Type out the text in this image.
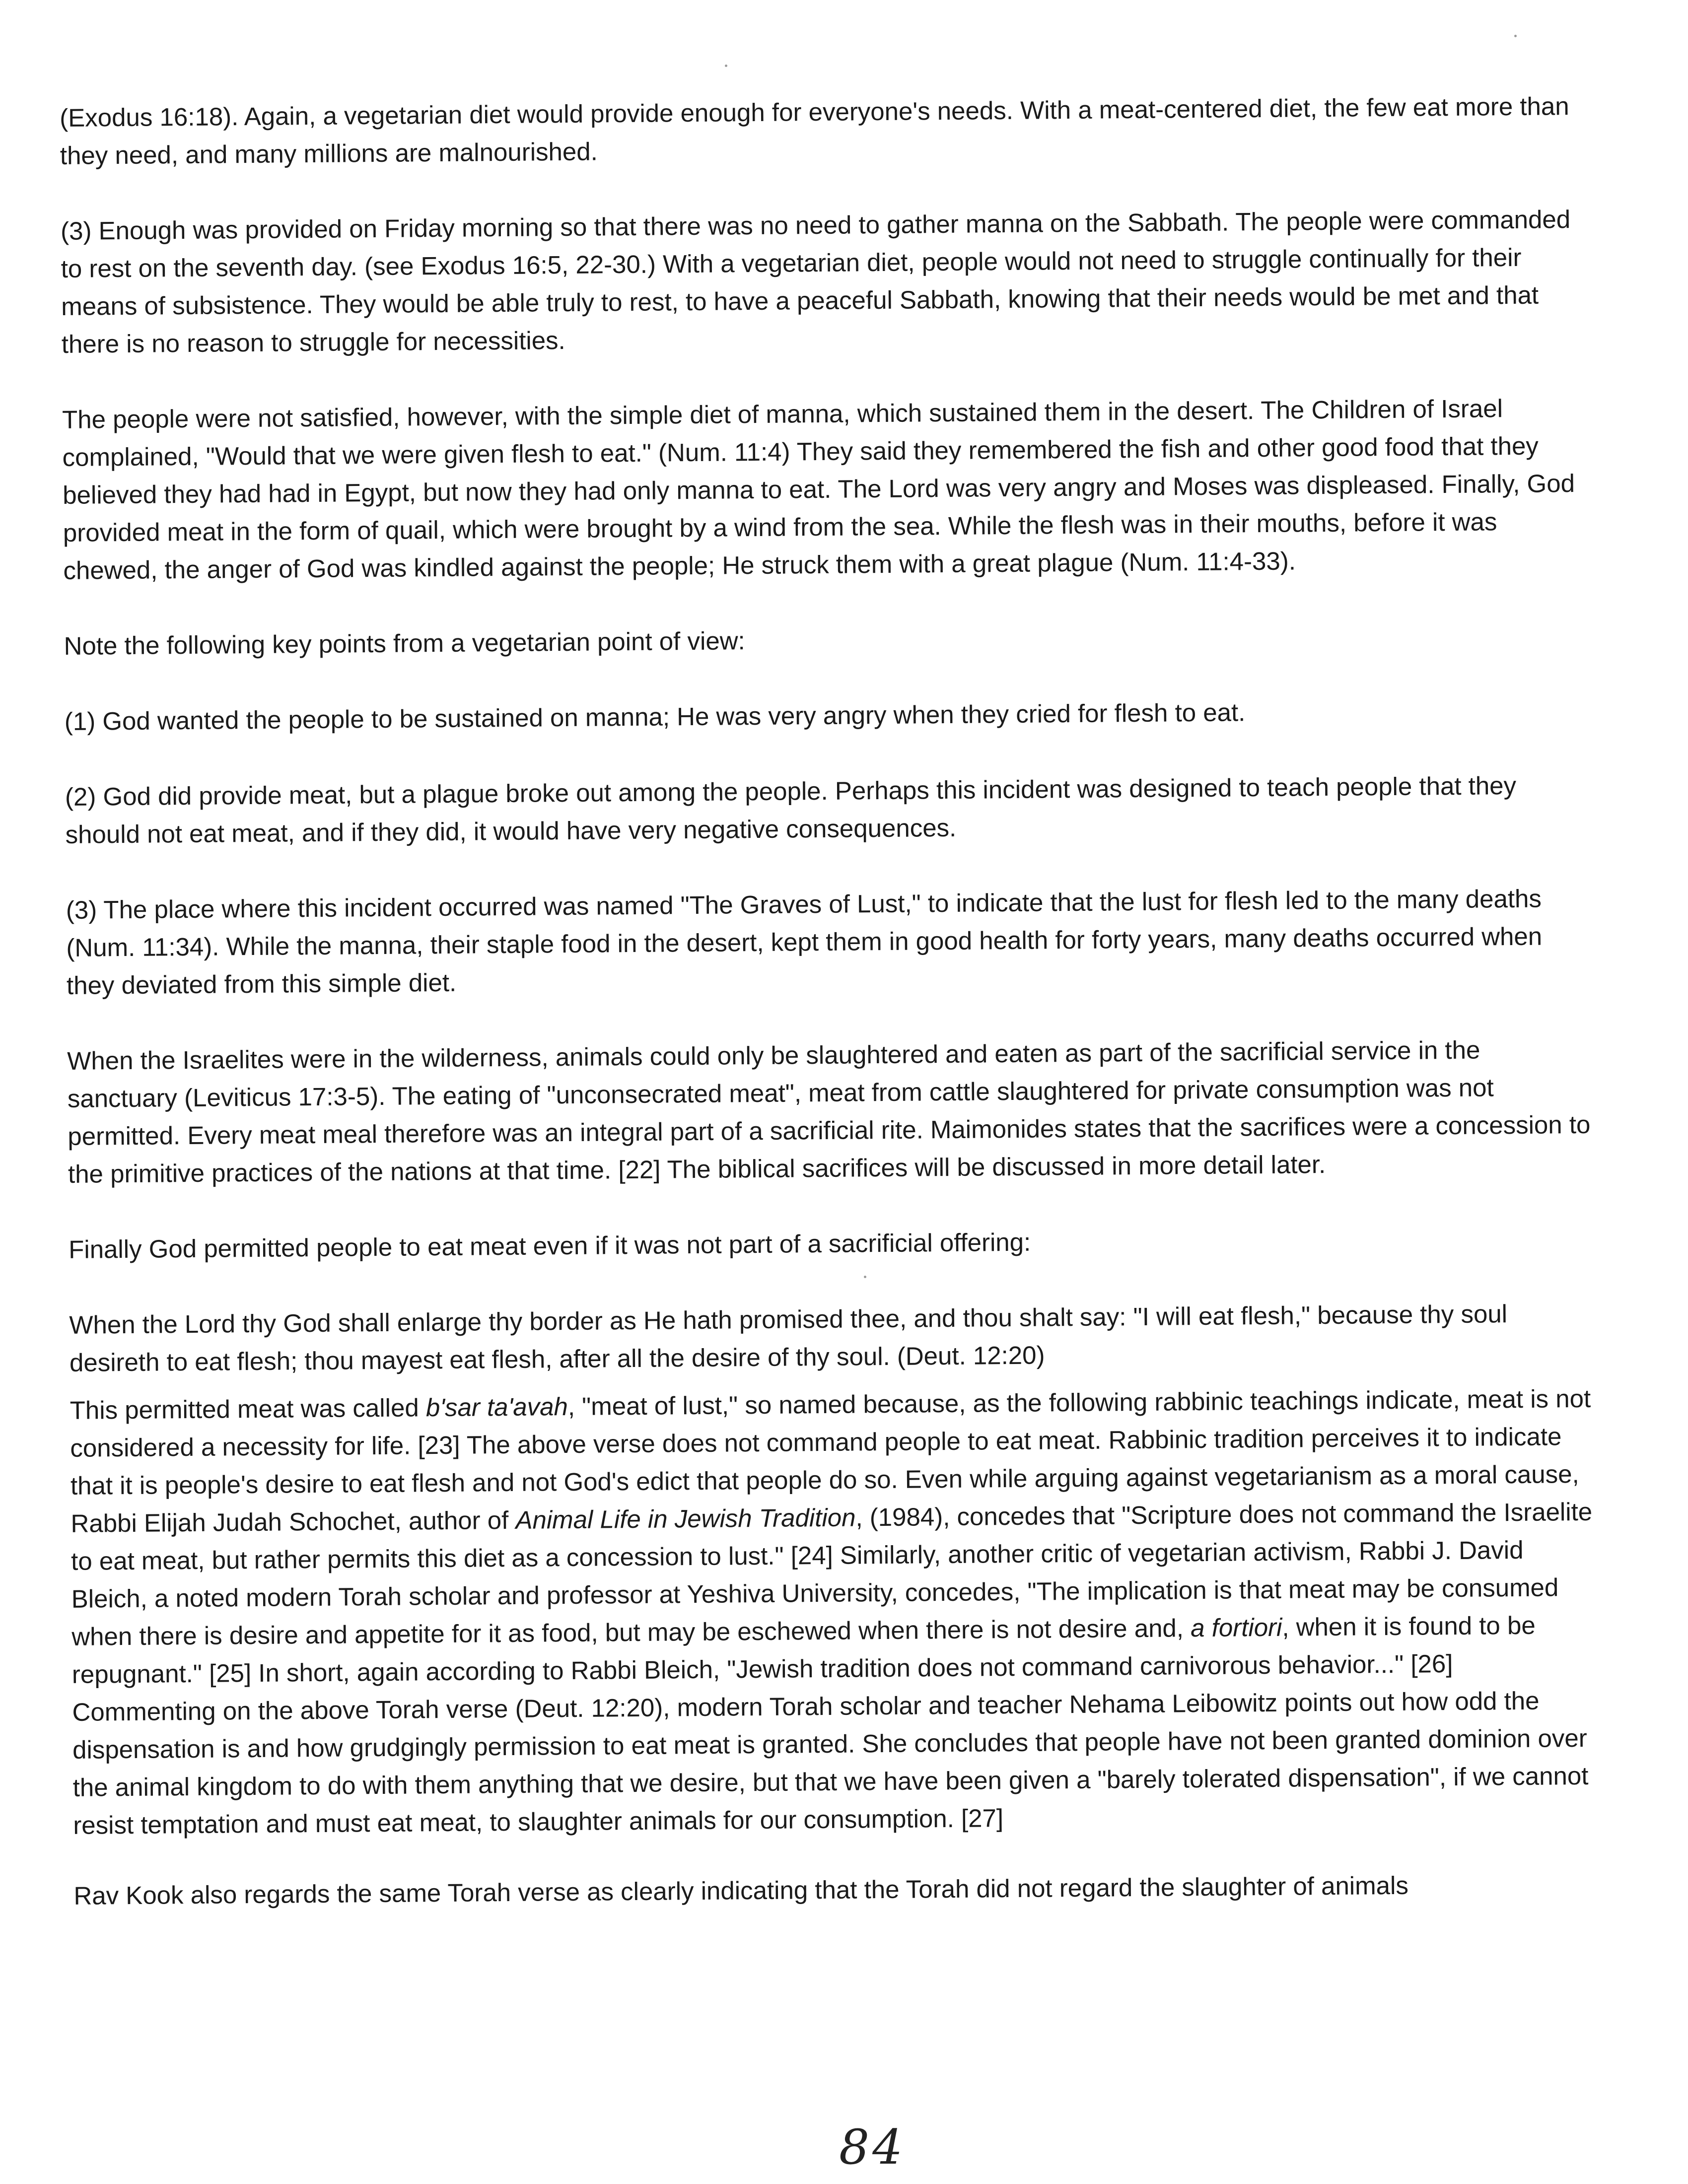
(Exodus 16:18). Again, a vegetarian diet would provide enough for everyone's needs. With a meat-centered diet, the few eat more than they need, and many millions are malnourished.

(3) Enough was provided on Friday morning so that there was no need to gather manna on the Sabbath. The people were commanded to rest on the seventh day. (see Exodus 16:5, 22-30.) With a vegetarian diet, people would not need to struggle continually for their means of subsistence. They would be able truly to rest, to have a peaceful Sabbath, knowing that their needs would be met and that there is no reason to struggle for necessities.

The people were not satisfied, however, with the simple diet of manna, which sustained them in the desert. The Children of Israel complained, "Would that we were given flesh to eat." (Num. 11:4) They said they remembered the fish and other good food that they believed they had had in Egypt, but now they had only manna to eat. The Lord was very angry and Moses was displeased. Finally, God provided meat in the form of quail, which were brought by a wind from the sea. While the flesh was in their mouths, before it was chewed, the anger of God was kindled against the people; He struck them with a great plague (Num. 11:4-33).

Note the following key points from a vegetarian point of view:

(1) God wanted the people to be sustained on manna; He was very angry when they cried for flesh to eat.

(2) God did provide meat, but a plague broke out among the people. Perhaps this incident was designed to teach people that they should not eat meat, and if they did, it would have very negative consequences.

(3) The place where this incident occurred was named "The Graves of Lust," to indicate that the lust for flesh led to the many deaths (Num. 11:34). While the manna, their staple food in the desert, kept them in good health for forty years, many deaths occurred when they deviated from this simple diet.

When the Israelites were in the wilderness, animals could only be slaughtered and eaten as part of the sacrificial service in the sanctuary (Leviticus 17:3-5). The eating of "unconsecrated meat", meat from cattle slaughtered for private consumption was not permitted. Every meat meal therefore was an integral part of a sacrificial rite. Maimonides states that the sacrifices were a concession to the primitive practices of the nations at that time. [22] The biblical sacrifices will be discussed in more detail later.

Finally God permitted people to eat meat even if it was not part of a sacrificial offering:

When the Lord thy God shall enlarge thy border as He hath promised thee, and thou shalt say: "I will eat flesh," because thy soul desireth to eat flesh; thou mayest eat flesh, after all the desire of thy soul. (Deut. 12:20)

This permitted meat was called b'sar ta'avah, "meat of lust," so named because, as the following rabbinic teachings indicate, meat is not considered a necessity for life. [23] The above verse does not command people to eat meat. Rabbinic tradition perceives it to indicate that it is people's desire to eat flesh and not God's edict that people do so. Even while arguing against vegetarianism as a moral cause, Rabbi Elijah Judah Schochet, author of Animal Life in Jewish Tradition, (1984), concedes that "Scripture does not command the Israelite to eat meat, but rather permits this diet as a concession to lust." [24] Similarly, another critic of vegetarian activism, Rabbi J. David Bleich, a noted modern Torah scholar and professor at Yeshiva University, concedes, "The implication is that meat may be consumed when there is desire and appetite for it as food, but may be eschewed when there is not desire and, a fortiori, when it is found to be repugnant." [25] In short, again according to Rabbi Bleich, "Jewish tradition does not command carnivorous behavior..." [26] Commenting on the above Torah verse (Deut. 12:20), modern Torah scholar and teacher Nehama Leibowitz points out how odd the dispensation is and how grudgingly permission to eat meat is granted. She concludes that people have not been granted dominion over the animal kingdom to do with them anything that we desire, but that we have been given a "barely tolerated dispensation", if we cannot resist temptation and must eat meat, to slaughter animals for our consumption. [27]

Rav Kook also regards the same Torah verse as clearly indicating that the Torah did not regard the slaughter of animals

84
